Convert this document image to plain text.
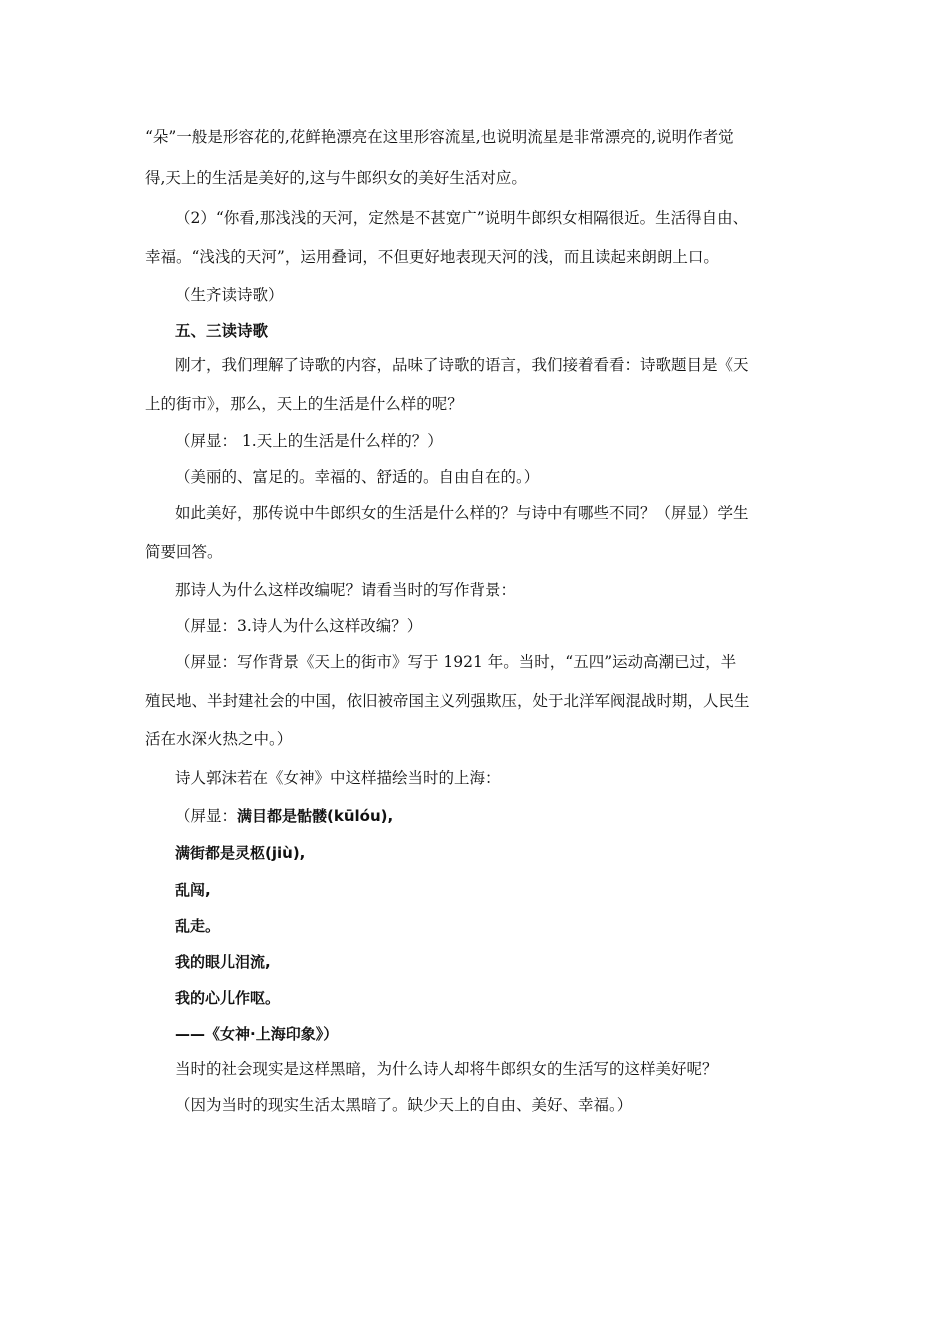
“朵”一般是形容花的,花鲜艳漂亮在这里形容流星,也说明流星是非常漂亮的,说明作者觉
得,天上的生活是美好的,这与牛郎织女的美好生活对应。
（2）“你看,那浅浅的天河，定然是不甚宽广”说明牛郎织女相隔很近。生活得自由、
幸福。“浅浅的天河”，运用叠词，不但更好地表现天河的浅，而且读起来朗朗上口。
（生齐读诗歌）
五、三读诗歌
刚才，我们理解了诗歌的内容，品味了诗歌的语言，我们接着看看：诗歌题目是《天
上的街市》，那么，天上的生活是什么样的呢？
（屏显： 1.天上的生活是什么样的？）
（美丽的、富足的。幸福的、舒适的。自由自在的。）
如此美好，那传说中牛郎织女的生活是什么样的？与诗中有哪些不同？（屏显）学生
简要回答。
那诗人为什么这样改编呢？请看当时的写作背景：
（屏显：3.诗人为什么这样改编？）
（屏显：写作背景《天上的街市》写于 1921 年。当时，“五四”运动高潮已过，半
殖民地、半封建社会的中国，依旧被帝国主义列强欺压，处于北洋军阀混战时期，人民生
活在水深火热之中。）
诗人郭沫若在《女神》中这样描绘当时的上海：
（屏显：满目都是骷髅(kūlóu),
满街都是灵柩(jiù),
乱闯,
乱走。
我的眼儿泪流,
我的心儿作呕。
——《女神·上海印象》）
当时的社会现实是这样黑暗，为什么诗人却将牛郎织女的生活写的这样美好呢？
（因为当时的现实生活太黑暗了。缺少天上的自由、美好、幸福。）
